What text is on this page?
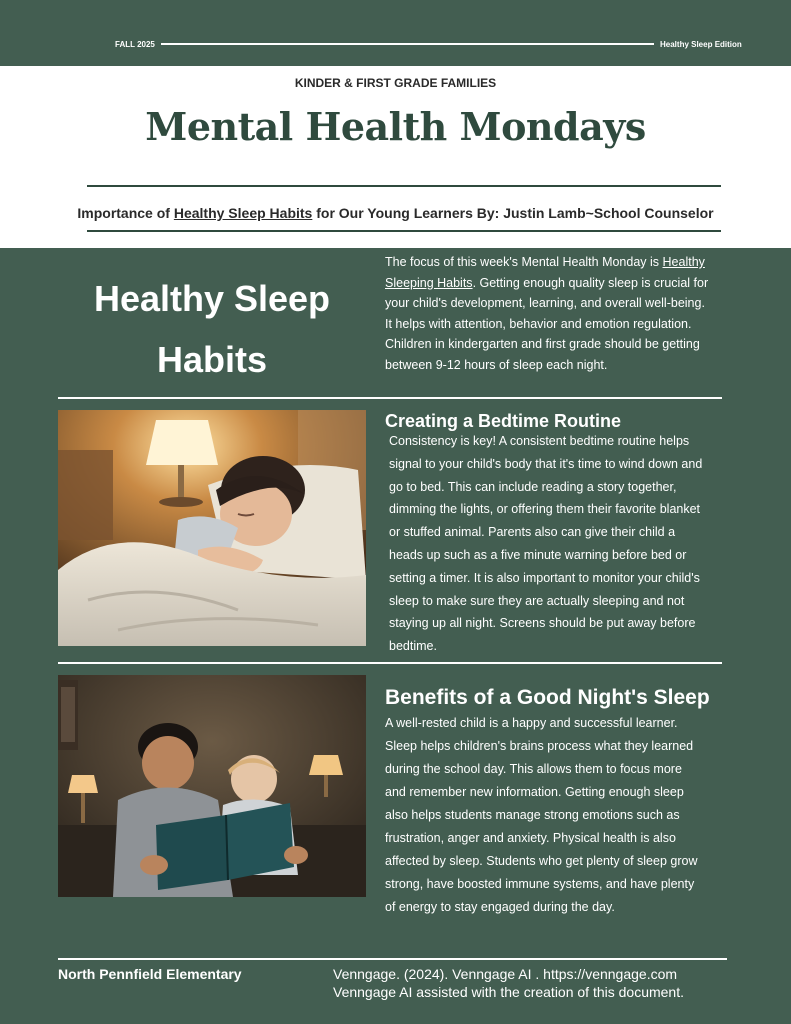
FALL 2025	Healthy Sleep Edition
KINDER & FIRST GRADE FAMILIES
Mental Health Mondays
Importance of Healthy Sleep Habits for Our Young Learners By: Justin Lamb~School Counselor
Healthy Sleep
Habits
The focus of this week's Mental Health Monday is Healthy Sleeping Habits. Getting enough quality sleep is crucial for your child's development, learning, and overall well-being. It helps with attention, behavior and emotion regulation. Children in kindergarten and first grade should be getting between 9-12 hours of sleep each night.
Creating a Bedtime Routine
Consistency is key! A consistent bedtime routine helps signal to your child's body that it's time to wind down and go to bed. This can include reading a story together, dimming the lights, or offering them their favorite blanket or stuffed animal. Parents also can give their child a heads up such as a five minute warning before bed or setting a timer. It is also important to monitor your child's sleep to make sure they are actually sleeping and not staying up all night. Screens should be put away before bedtime.
Benefits of a Good Night's Sleep
A well-rested child is a happy and successful learner. Sleep helps children's brains process what they learned during the school day. This allows them to focus more and remember new information. Getting enough sleep also helps students manage strong emotions such as frustration, anger and anxiety. Physical health is also affected by sleep. Students who get plenty of sleep grow strong, have boosted immune systems, and have plenty of energy to stay engaged during the day.
North Pennfield Elementary	Venngage. (2024). Venngage AI . https://venngage.com
Venngage AI assisted with the creation of this document.
